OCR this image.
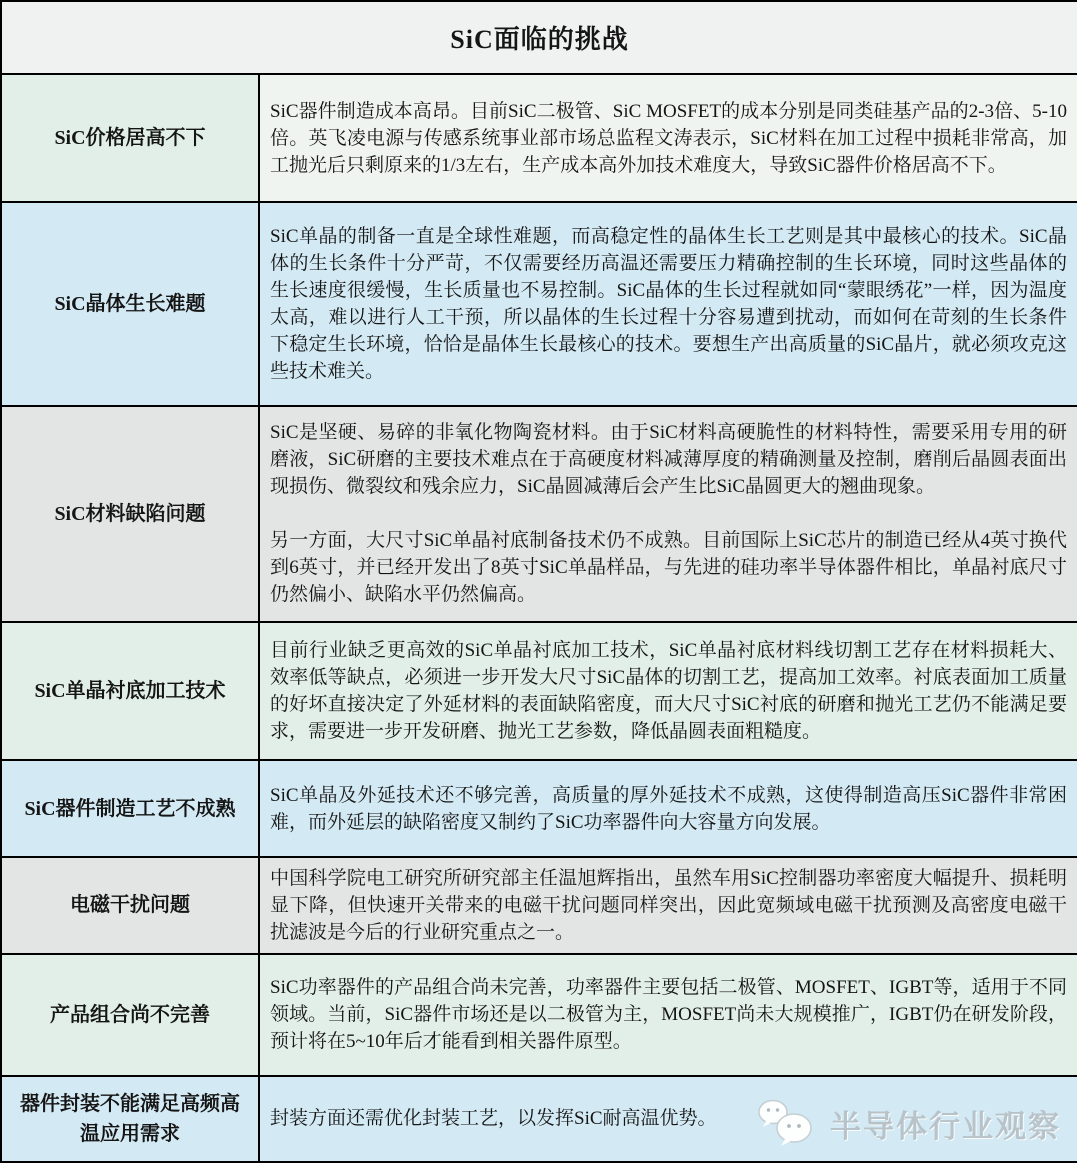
SiC面临的挑战	
SiC价格居高不下	SiC器件制造成本高昂。目前SiC二极管、SiC MOSFET的成本分别是同类硅基产品的2-3倍、5-10倍。英飞凌电源与传感系统事业部市场总监程文涛表示，SiC材料在加工过程中损耗非常高，加工抛光后只剩原来的1/3左右，生产成本高外加技术难度大，导致SiC器件价格居高不下。

SiC晶体生长难题	SiC单晶的制备一直是全球性难题，而高稳定性的晶体生长工艺则是其中最核心的技术。SiC晶体的生长条件十分严苛，不仅需要经历高温还需要压力精确控制的生长环境，同时这些晶体的生长速度很缓慢，生长质量也不易控制。SiC晶体的生长过程就如同“蒙眼绣花”一样，因为温度太高，难以进行人工干预，所以晶体的生长过程十分容易遭到扰动，而如何在苛刻的生长条件下稳定生长环境，恰恰是晶体生长最核心的技术。要想生产出高质量的SiC晶片，就必须攻克这些技术难关。

SiC材料缺陷问题	SiC是坚硬、易碎的非氧化物陶瓷材料。由于SiC材料高硬脆性的材料特性，需要采用专用的研磨液，SiC研磨的主要技术难点在于高硬度材料减薄厚度的精确测量及控制，磨削后晶圆表面出现损伤、微裂纹和残余应力，SiC晶圆减薄后会产生比SiC晶圆更大的翘曲现象。

另一方面，大尺寸SiC单晶衬底制备技术仍不成熟。目前国际上SiC芯片的制造已经从4英寸换代到6英寸，并已经开发出了8英寸SiC单晶样品，与先进的硅功率半导体器件相比，单晶衬底尺寸仍然偏小、缺陷水平仍然偏高。

SiC单晶衬底加工技术	目前行业缺乏更高效的SiC单晶衬底加工技术，SiC单晶衬底材料线切割工艺存在材料损耗大、效率低等缺点，必须进一步开发大尺寸SiC晶体的切割工艺，提高加工效率。衬底表面加工质量的好坏直接决定了外延材料的表面缺陷密度，而大尺寸SiC衬底的研磨和抛光工艺仍不能满足要求，需要进一步开发研磨、抛光工艺参数，降低晶圆表面粗糙度。

SiC器件制造工艺不成熟	SiC单晶及外延技术还不够完善，高质量的厚外延技术不成熟，这使得制造高压SiC器件非常困难，而外延层的缺陷密度又制约了SiC功率器件向大容量方向发展。

电磁干扰问题	中国科学院电工研究所研究部主任温旭辉指出，虽然车用SiC控制器功率密度大幅提升、损耗明显下降，但快速开关带来的电磁干扰问题同样突出，因此宽频域电磁干扰预测及高密度电磁干扰滤波是今后的行业研究重点之一。

产品组合尚不完善	SiC功率器件的产品组合尚未完善，功率器件主要包括二极管、MOSFET、IGBT等，适用于不同领域。当前，SiC器件市场还是以二极管为主，MOSFET尚未大规模推广，IGBT仍在研发阶段，预计将在5~10年后才能看到相关器件原型。

器件封装不能满足高频高温应用需求	封装方面还需优化封装工艺，以发挥SiC耐高温优势。	半导体行业观察
